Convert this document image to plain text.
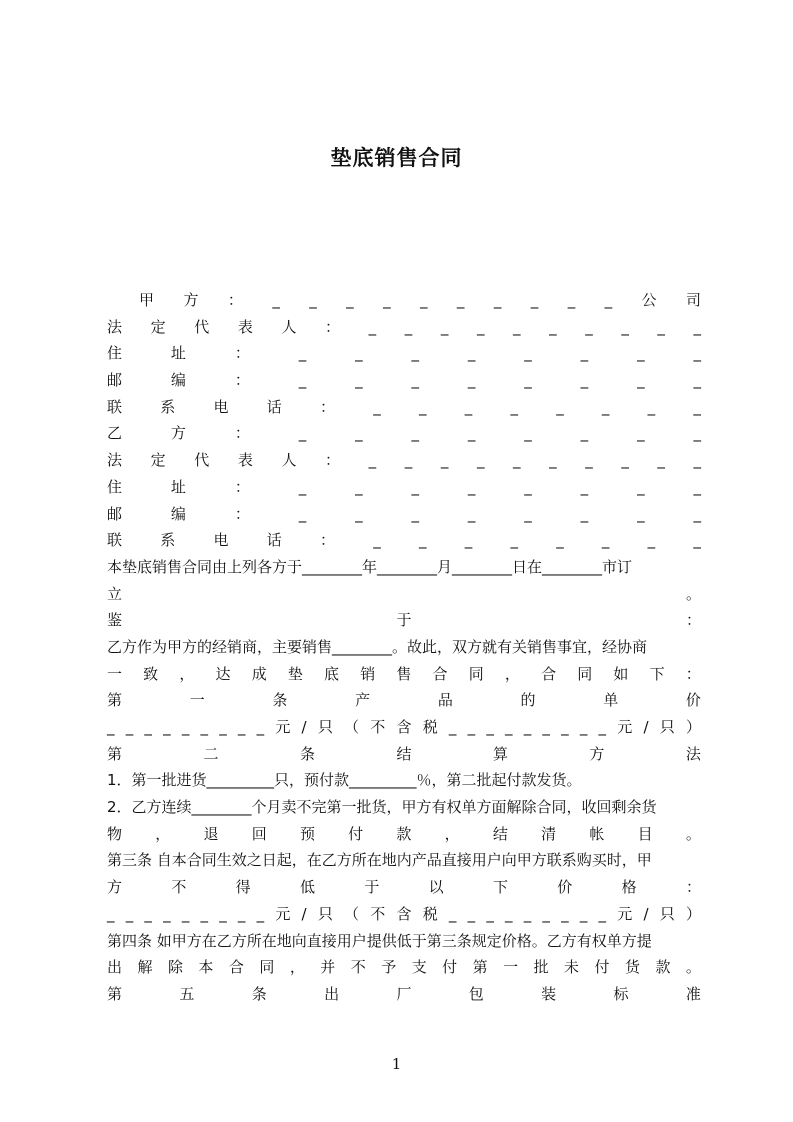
垫底销售合同
甲 方 ： _ _ _ _ _ _ _ _ _ _ 公 司
法 定 代 表 人 ： _ _ _ _ _ _ _ _ _ _
住	址	：	_	_	_	_	_	_	_	_
邮	编	：	_	_	_	_	_	_	_	_
联	系	电	话	：	_	_	_	_	_	_	_	_
乙	方	：	_	_	_	_	_	_	_	_
法 定 代 表 人 ： _ _ _ _ _ _ _ _ _ _
住	址	：	_	_	_	_	_	_	_	_
邮	编	：	_	_	_	_	_	_	_	_
联	系	电	话	：	_	_	_	_	_	_	_	_
本垫底销售合同由上列各方于________年________月________日在________市订
立	。
鉴	于	：
乙方作为甲方的经销商，主要销售________。故此，双方就有关销售事宜，经协商
一 致 ， 达 成 垫 底 销 售 合 同 ， 合 同 如 下 ：
第	一	条	产	品	的	单	价
_ _ _ _ _ _ _ _ _ 元 / 只 （ 不 含 税 _ _ _ _ _ _ _ _ _ 元 / 只 ）
第	二	条	结	算	方	法
1．第一批进货_________只，预付款_________％，第二批起付款发货。
2．乙方连续________个月卖不完第一批货，甲方有权单方面解除合同，收回剩余货
物 ， 退 回 预 付 款 ， 结 清 帐 目 。
第三条 自本合同生效之日起，在乙方所在地内产品直接用户向甲方联系购买时，甲
方	不	得	低	于	以	下	价	格	：
_ _ _ _ _ _ _ _ _ 元 / 只 （ 不 含 税 _ _ _ _ _ _ _ _ _ 元 / 只 ）
第四条 如甲方在乙方所在地向直接用户提供低于第三条规定价格。乙方有权单方提
出 解 除 本 合 同 ， 并 不 予 支 付 第 一 批 未 付 货 款 。
第	五	条	出	厂	包	装	标	准
1
